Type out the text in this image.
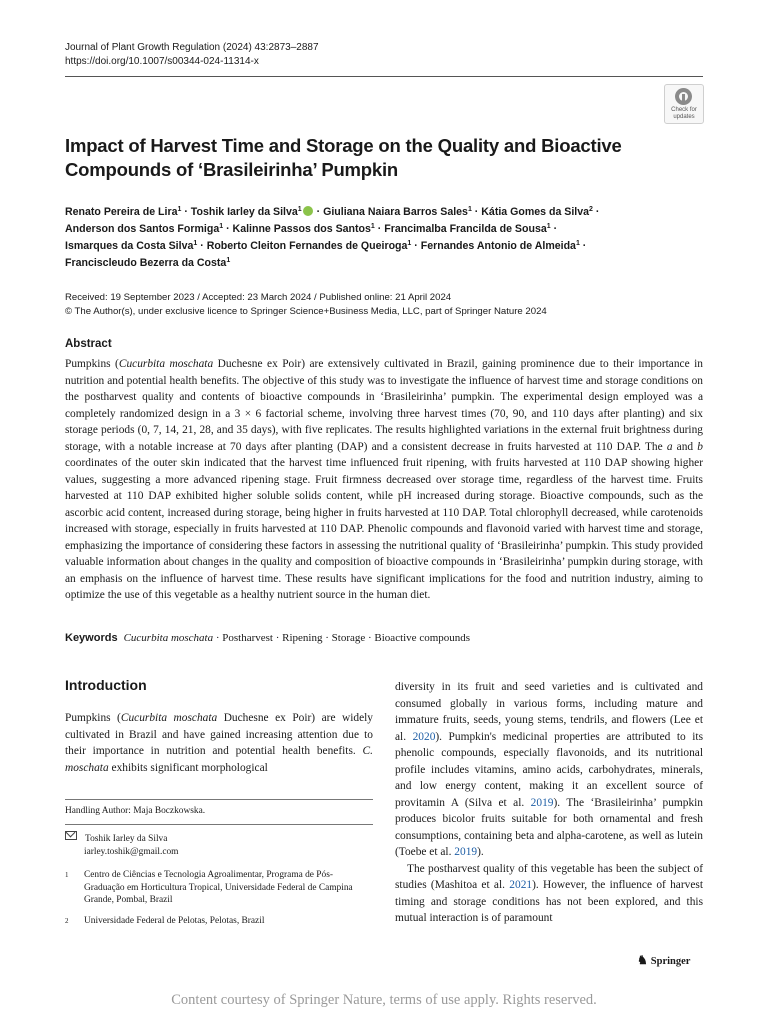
Journal of Plant Growth Regulation (2024) 43:2873–2887
https://doi.org/10.1007/s00344-024-11314-x
Check for updates
Impact of Harvest Time and Storage on the Quality and Bioactive
Compounds of ‘Brasileirinha’ Pumpkin
Renato Pereira de Lira$^1$ · Toshik Iarley da Silva$^1$ · Giuliana Naiara Barros Sales$^1$ · Kátia Gomes da Silva$^2$ ·
Anderson dos Santos Formiga$^1$ · Kalinne Passos dos Santos$^1$ · Francimalba Francilda de Sousa$^1$ ·
Ismarques da Costa Silva$^1$ · Roberto Cleiton Fernandes de Queiroga$^1$ · Fernandes Antonio de Almeida$^1$ ·
Franciscleudo Bezerra da Costa$^1$
Received: 19 September 2023 / Accepted: 23 March 2024 / Published online: 21 April 2024
© The Author(s), under exclusive licence to Springer Science+Business Media, LLC, part of Springer Nature 2024
Abstract
Pumpkins (Cucurbita moschata Duchesne ex Poir) are extensively cultivated in Brazil, gaining prominence due to their importance in nutrition and potential health benefits. The objective of this study was to investigate the influence of harvest time and storage conditions on the postharvest quality and contents of bioactive compounds in ‘Brasileirinha’ pumpkin. The experimental design employed was a completely randomized design in a 3 × 6 factorial scheme, involving three harvest times (70, 90, and 110 days after planting) and six storage periods (0, 7, 14, 21, 28, and 35 days), with five replicates. The results highlighted variations in the external fruit brightness during storage, with a notable increase at 70 days after planting (DAP) and a consistent decrease in fruits harvested at 110 DAP. The a and b coordinates of the outer skin indicated that the harvest time influenced fruit ripening, with fruits harvested at 110 DAP showing higher values, suggesting a more advanced ripening stage. Fruit firmness decreased over storage time, regardless of the harvest time. Fruits harvested at 110 DAP exhibited higher soluble solids content, while pH increased during storage. Bioactive compounds, such as the ascorbic acid content, increased during storage, being higher in fruits harvested at 110 DAP. Total chlorophyll decreased, while carotenoids increased with storage, especially in fruits harvested at 110 DAP. Phenolic compounds and flavonoid varied with harvest time and storage, emphasizing the importance of considering these factors in assessing the nutritional quality of ‘Brasileirinha’ pumpkin. This study provided valuable information about changes in the quality and composition of bioactive compounds in ‘Brasileirinha’ pumpkin during storage, with an emphasis on the influence of harvest time. These results have significant implications for the food and nutrition industry, aiming to optimize the use of this vegetable as a healthy nutrient source in the human diet.
Keywords Cucurbita moschata · Postharvest · Ripening · Storage · Bioactive compounds
Introduction
Pumpkins (Cucurbita moschata Duchesne ex Poir) are widely cultivated in Brazil and have gained increasing attention due to their importance in nutrition and potential health benefits. C. moschata exhibits significant morphological

diversity in its fruit and seed varieties and is cultivated and consumed globally in various forms, including mature and immature fruits, seeds, young stems, tendrils, and flowers (Lee et al. 2020). Pumpkin's medicinal properties are attributed to its phenolic compounds, especially flavonoids, and its nutritional profile includes vitamins, amino acids, carbohydrates, minerals, and low energy content, making it an excellent source of provitamin A (Silva et al. 2019). The ‘Brasileirinha’ pumpkin produces bicolor fruits suitable for both ornamental and fresh consumptions, containing beta and alpha-carotene, as well as lutein (Toebe et al. 2019).

The postharvest quality of this vegetable has been the subject of studies (Mashitoa et al. 2021). However, the influence of harvest timing and storage conditions has not been explored, and this mutual interaction is of paramount

Handling Author: Maja Boczkowska.
Toshik Iarley da Silva
iarley.toshik@gmail.com
1 Centro de Ciências e Tecnologia Agroalimentar, Programa de Pós-Graduação em Horticultura Tropical, Universidade Federal de Campina Grande, Pombal, Brazil
2 Universidade Federal de Pelotas, Pelotas, Brazil
♞ Springer
Content courtesy of Springer Nature, terms of use apply. Rights reserved.
